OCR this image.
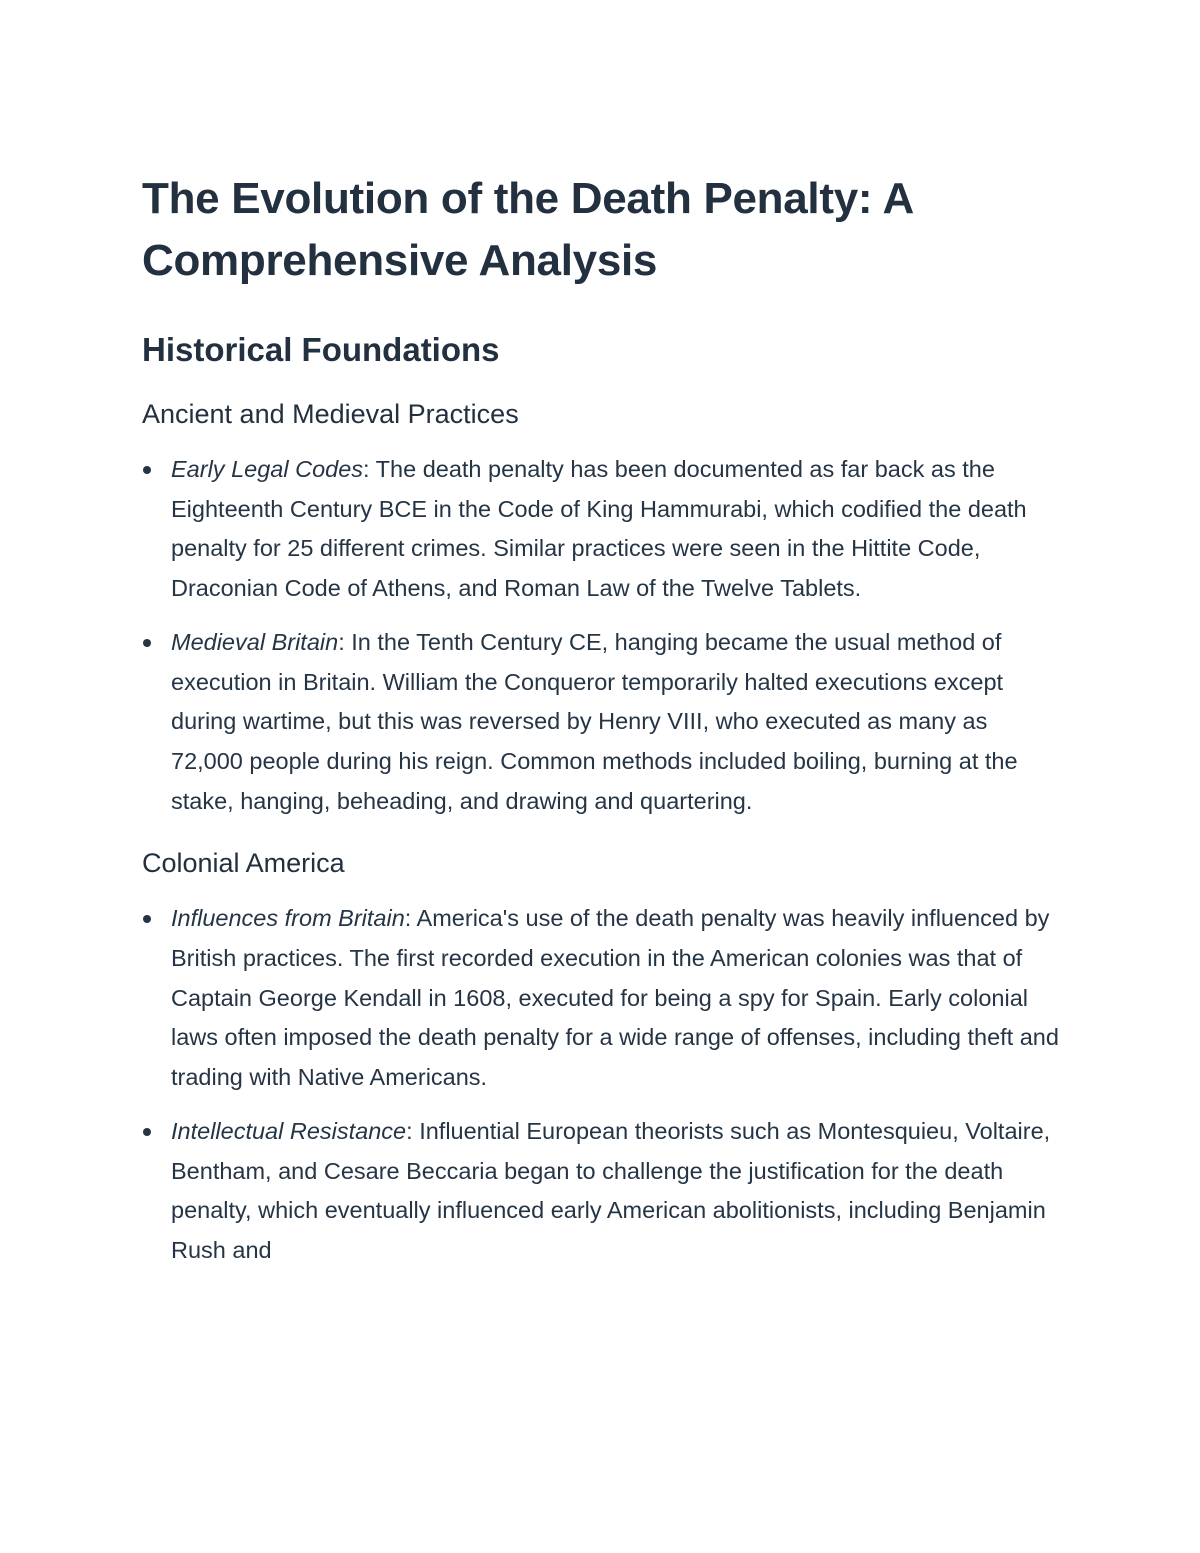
The Evolution of the Death Penalty: A Comprehensive Analysis
Historical Foundations
Ancient and Medieval Practices
Early Legal Codes: The death penalty has been documented as far back as the Eighteenth Century BCE in the Code of King Hammurabi, which codified the death penalty for 25 different crimes. Similar practices were seen in the Hittite Code, Draconian Code of Athens, and Roman Law of the Twelve Tablets.
Medieval Britain: In the Tenth Century CE, hanging became the usual method of execution in Britain. William the Conqueror temporarily halted executions except during wartime, but this was reversed by Henry VIII, who executed as many as 72,000 people during his reign. Common methods included boiling, burning at the stake, hanging, beheading, and drawing and quartering.
Colonial America
Influences from Britain: America's use of the death penalty was heavily influenced by British practices. The first recorded execution in the American colonies was that of Captain George Kendall in 1608, executed for being a spy for Spain. Early colonial laws often imposed the death penalty for a wide range of offenses, including theft and trading with Native Americans.
Intellectual Resistance: Influential European theorists such as Montesquieu, Voltaire, Bentham, and Cesare Beccaria began to challenge the justification for the death penalty, which eventually influenced early American abolitionists, including Benjamin Rush and
